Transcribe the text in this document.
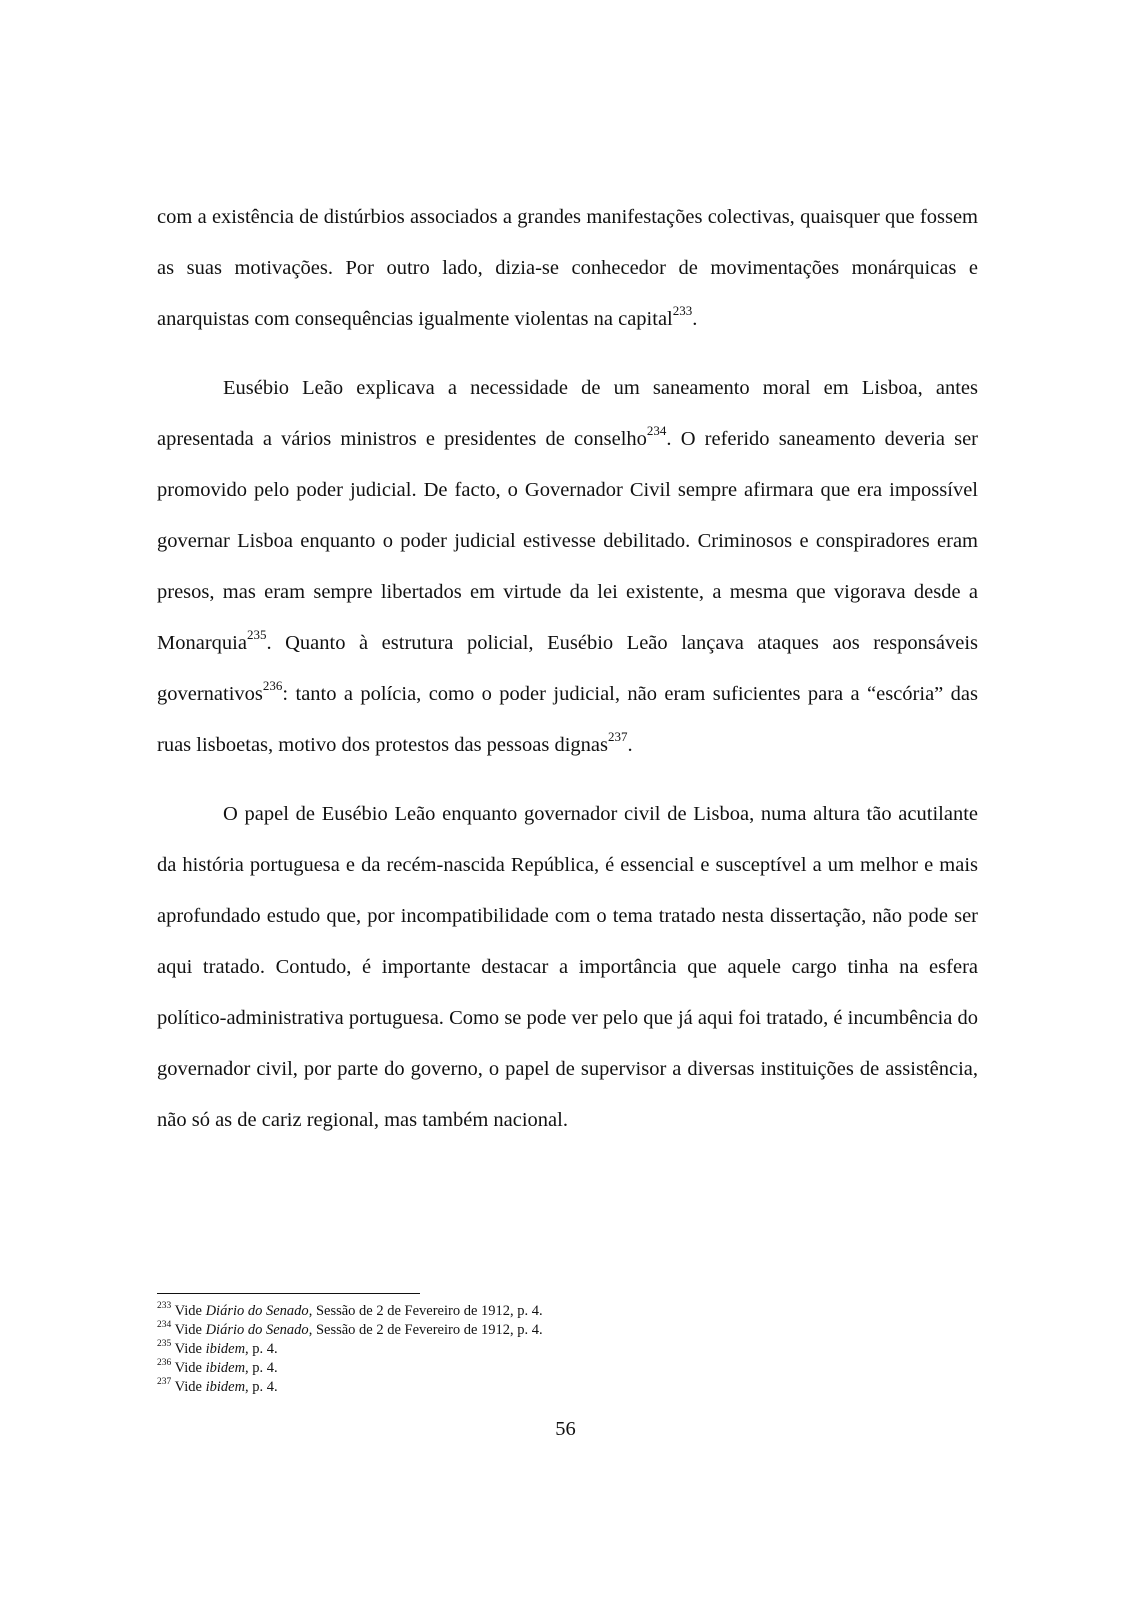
com a existência de distúrbios associados a grandes manifestações colectivas, quaisquer que fossem as suas motivações. Por outro lado, dizia-se conhecedor de movimentações monárquicas e anarquistas com consequências igualmente violentas na capital$^{233}$.

Eusébio Leão explicava a necessidade de um saneamento moral em Lisboa, antes apresentada a vários ministros e presidentes de conselho$^{234}$. O referido saneamento deveria ser promovido pelo poder judicial. De facto, o Governador Civil sempre afirmara que era impossível governar Lisboa enquanto o poder judicial estivesse debilitado. Criminosos e conspiradores eram presos, mas eram sempre libertados em virtude da lei existente, a mesma que vigorava desde a Monarquia$^{235}$. Quanto à estrutura policial, Eusébio Leão lançava ataques aos responsáveis governativos$^{236}$: tanto a polícia, como o poder judicial, não eram suficientes para a “escória” das ruas lisboetas, motivo dos protestos das pessoas dignas$^{237}$.

O papel de Eusébio Leão enquanto governador civil de Lisboa, numa altura tão acutilante da história portuguesa e da recém-nascida República, é essencial e susceptível a um melhor e mais aprofundado estudo que, por incompatibilidade com o tema tratado nesta dissertação, não pode ser aqui tratado. Contudo, é importante destacar a importância que aquele cargo tinha na esfera político-administrativa portuguesa. Como se pode ver pelo que já aqui foi tratado, é incumbência do governador civil, por parte do governo, o papel de supervisor a diversas instituições de assistência, não só as de cariz regional, mas também nacional.

$^{233}$ Vide Diário do Senado, Sessão de 2 de Fevereiro de 1912, p. 4.

$^{234}$ Vide Diário do Senado, Sessão de 2 de Fevereiro de 1912, p. 4.

$^{235}$ Vide ibidem, p. 4.

$^{236}$ Vide ibidem, p. 4.

$^{237}$ Vide ibidem, p. 4.

56
